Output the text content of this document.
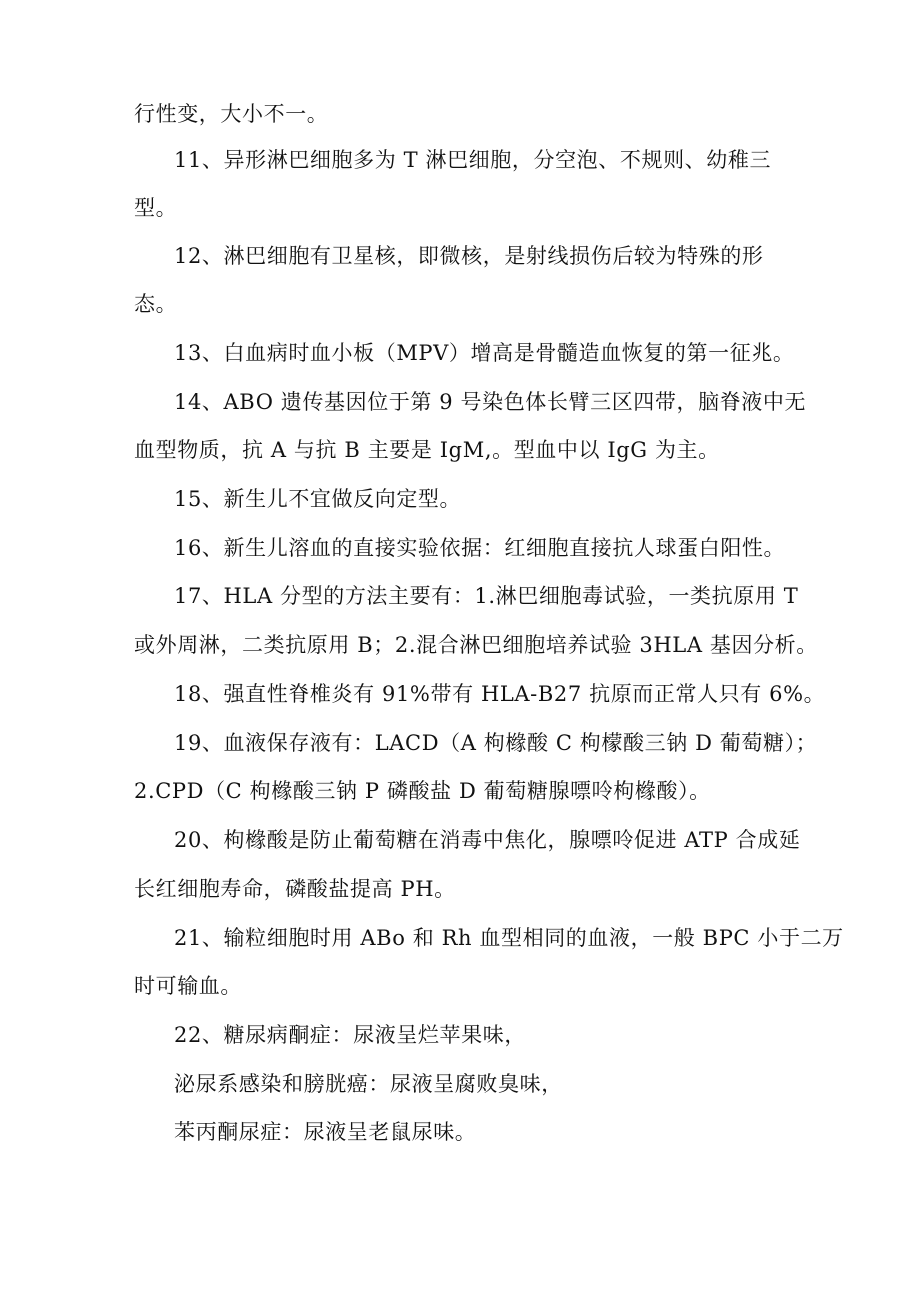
行性变，大小不一。
11、异形淋巴细胞多为 T 淋巴细胞，分空泡、不规则、幼稚三
型。
12、淋巴细胞有卫星核，即微核，是射线损伤后较为特殊的形
态。
13、白血病时血小板（MPV）增高是骨髓造血恢复的第一征兆。
14、ABO 遗传基因位于第 9 号染色体长臂三区四带，脑脊液中无
血型物质，抗 A 与抗 B 主要是 IgM,。型血中以 IgG 为主。
15、新生儿不宜做反向定型。
16、新生儿溶血的直接实验依据：红细胞直接抗人球蛋白阳性。
17、HLA 分型的方法主要有：1.淋巴细胞毒试验，一类抗原用 T
或外周淋，二类抗原用 B；2.混合淋巴细胞培养试验 3HLA 基因分析。
18、强直性脊椎炎有 91%带有 HLA-B27 抗原而正常人只有 6%。
19、血液保存液有：LACD（A 枸橼酸 C 枸檬酸三钠 D 葡萄糖）；
2.CPD（C 枸橼酸三钠 P 磷酸盐 D 葡萄糖腺嘌呤枸橼酸）。
20、枸橼酸是防止葡萄糖在消毒中焦化，腺嘌呤促进 ATP 合成延
长红细胞寿命，磷酸盐提高 PH。
21、输粒细胞时用 ABo 和 Rh 血型相同的血液，一般 BPC 小于二万
时可输血。
22、糖尿病酮症：尿液呈烂苹果味，
泌尿系感染和膀胱癌：尿液呈腐败臭味，
苯丙酮尿症：尿液呈老鼠尿味。
